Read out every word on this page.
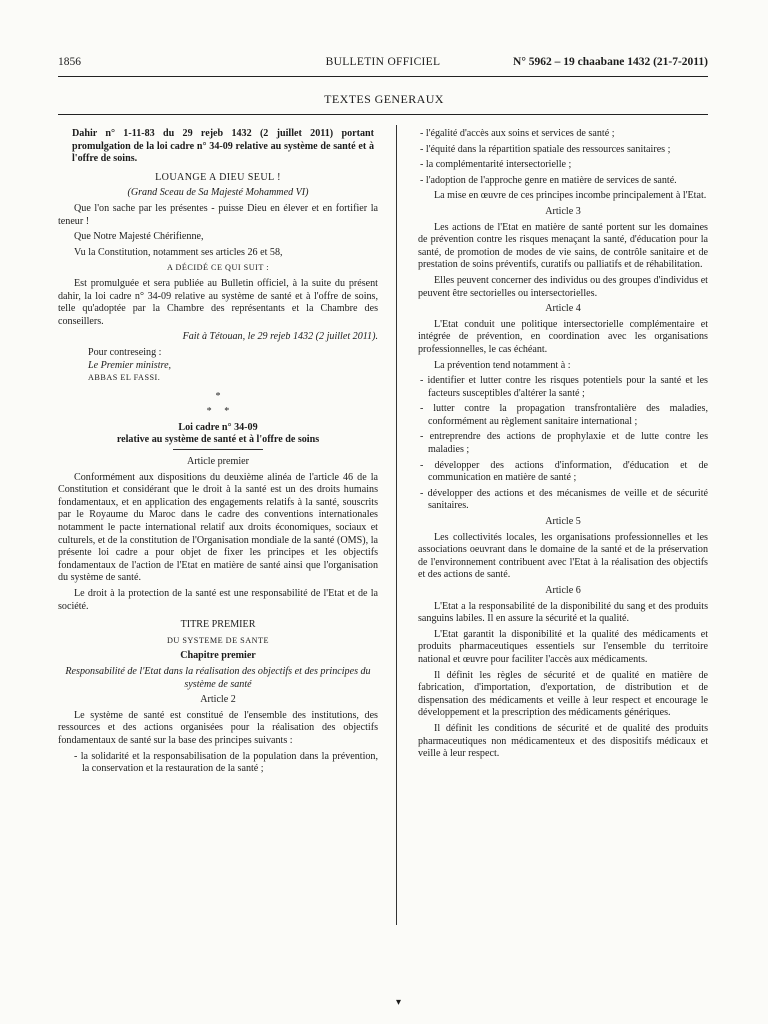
1856	BULLETIN OFFICIEL	N° 5962 – 19 chaabane 1432 (21-7-2011)
TEXTES GENERAUX

Dahir n° 1-11-83 du 29 rejeb 1432 (2 juillet 2011) portant promulgation de la loi cadre n° 34-09 relative au système de santé et à l'offre de soins.

LOUANGE A DIEU SEUL !

(Grand Sceau de Sa Majesté Mohammed VI)

Que l'on sache par les présentes - puisse Dieu en élever et en fortifier la teneur !

Que Notre Majesté Chérifienne,

Vu la Constitution, notamment ses articles 26 et 58,

A DÉCIDÉ CE QUI SUIT :

Est promulguée et sera publiée au Bulletin officiel, à la suite du présent dahir, la loi cadre n° 34-09 relative au système de santé et à l'offre de soins, telle qu'adoptée par la Chambre des représentants et la Chambre des conseillers.

Fait à Tétouan, le 29 rejeb 1432 (2 juillet 2011).

Pour contreseing :

Le Premier ministre,

ABBAS EL FASSI.

*

*     *

Loi cadre n° 34-09

relative au système de santé et à l'offre de soins

Article premier

Conformément aux dispositions du deuxième alinéa de l'article 46 de la Constitution et considérant que le droit à la santé est un des droits humains fondamentaux, et en application des engagements relatifs à la santé, souscrits par le Royaume du Maroc dans le cadre des conventions internationales notamment le pacte international relatif aux droits économiques, sociaux et culturels, et de la constitution de l'Organisation mondiale de la santé (OMS), la présente loi cadre a pour objet de fixer les principes et les objectifs fondamentaux de l'action de l'Etat en matière de santé ainsi que l'organisation du système de santé.

Le droit à la protection de la santé est une responsabilité de l'Etat et de la société.

TITRE PREMIER

DU SYSTEME DE SANTE

Chapitre premier

Responsabilité de l'Etat dans la réalisation des objectifs et des principes du système de santé

Article 2

Le système de santé est constitué de l'ensemble des institutions, des ressources et des actions organisées pour la réalisation des objectifs fondamentaux de santé sur la base des principes suivants :

- la solidarité et la responsabilisation de la population dans la prévention, la conservation et la restauration de la santé ;

- l'égalité d'accès aux soins et services de santé ;

- l'équité dans la répartition spatiale des ressources sanitaires ;

- la complémentarité intersectorielle ;

- l'adoption de l'approche genre en matière de services de santé.

La mise en œuvre de ces principes incombe principalement à l'Etat.

Article 3

Les actions de l'Etat en matière de santé portent sur les domaines de prévention contre les risques menaçant la santé, d'éducation pour la santé, de promotion de modes de vie sains, de contrôle sanitaire et de prestation de soins préventifs, curatifs ou palliatifs et de réhabilitation.

Elles peuvent concerner des individus ou des groupes d'individus et peuvent être sectorielles ou intersectorielles.

Article 4

L'Etat conduit une politique intersectorielle complémentaire et intégrée de prévention, en coordination avec les organisations professionnelles, le cas échéant.

La prévention tend notamment à :

- identifier et lutter contre les risques potentiels pour la santé et les facteurs susceptibles d'altérer la santé ;

- lutter contre la propagation transfrontalière des maladies, conformément au règlement sanitaire international ;

- entreprendre des actions de prophylaxie et de lutte contre les maladies ;

- développer des actions d'information, d'éducation et de communication en matière de santé ;

- développer des actions et des mécanismes de veille et de sécurité sanitaires.

Article 5

Les collectivités locales, les organisations professionnelles et les associations oeuvrant dans le domaine de la santé et de la préservation de l'environnement contribuent avec l'Etat à la réalisation des objectifs et des actions de santé.

Article 6

L'Etat a la responsabilité de la disponibilité du sang et des produits sanguins labiles. Il en assure la sécurité et la qualité.

L'Etat garantit la disponibilité et la qualité des médicaments et produits pharmaceutiques essentiels sur l'ensemble du territoire national et œuvre pour faciliter l'accès aux médicaments.

Il définit les règles de sécurité et de qualité en matière de fabrication, d'importation, d'exportation, de distribution et de dispensation des médicaments et veille à leur respect et encourage le développement et la prescription des médicaments génériques.

Il définit les conditions de sécurité et de qualité des produits pharmaceutiques non médicamenteux et des dispositifs médicaux et veille à leur respect.

▾
